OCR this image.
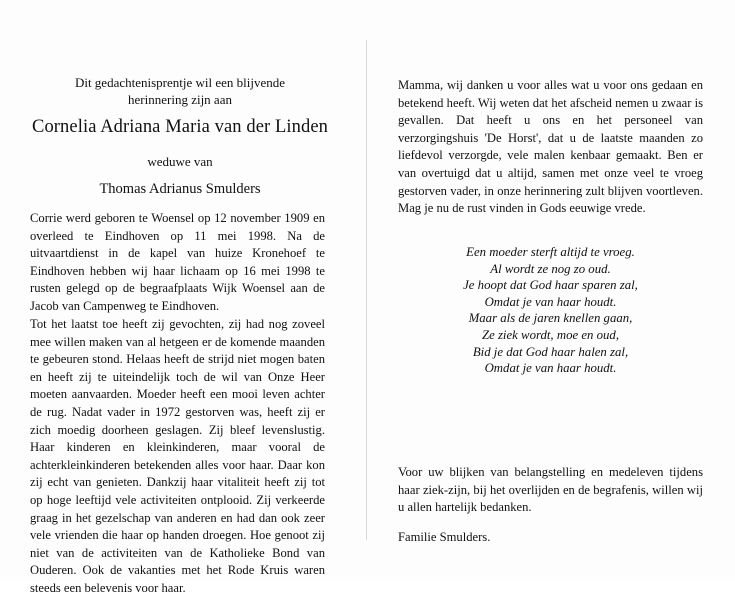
Dit gedachtenisprentje wil een blijvende
herinnering zijn aan
Cornelia Adriana Maria van der Linden
weduwe van
Thomas Adrianus Smulders
Corrie werd geboren te Woensel op 12 november 1909 en overleed te Eindhoven op 11 mei 1998. Na de uitvaartdienst in de kapel van huize Kronehoef te Eindhoven hebben wij haar lichaam op 16 mei 1998 te rusten gelegd op de begraafplaats Wijk Woensel aan de Jacob van Campenweg te Eindhoven.
Tot het laatst toe heeft zij gevochten, zij had nog zoveel mee willen maken van al hetgeen er de komende maanden te gebeuren stond. Helaas heeft de strijd niet mogen baten en heeft zij te uiteindelijk toch de wil van Onze Heer moeten aanvaarden. Moeder heeft een mooi leven achter de rug. Nadat vader in 1972 gestorven was, heeft zij er zich moedig doorheen geslagen. Zij bleef levenslustig. Haar kinderen en kleinkinderen, maar vooral de achterkleinkinderen betekenden alles voor haar. Daar kon zij echt van genieten. Dankzij haar vitaliteit heeft zij tot op hoge leeftijd vele activiteiten ontplooid. Zij verkeerde graag in het gezelschap van anderen en had dan ook zeer vele vrienden die haar op handen droegen. Hoe genoot zij niet van de activiteiten van de Katholieke Bond van Ouderen. Ook de vakanties met het Rode Kruis waren steeds een belevenis voor haar.
Mamma, wij danken u voor alles wat u voor ons gedaan en betekend heeft. Wij weten dat het afscheid nemen u zwaar is gevallen. Dat heeft u ons en het personeel van verzorgingshuis 'De Horst', dat u de laatste maanden zo liefdevol verzorgde, vele malen kenbaar gemaakt. Ben er van overtuigd dat u altijd, samen met onze veel te vroeg gestorven vader, in onze herinnering zult blijven voortleven. Mag je nu de rust vinden in Gods eeuwige vrede.
Een moeder sterft altijd te vroeg.
Al wordt ze nog zo oud.
Je hoopt dat God haar sparen zal,
Omdat je van haar houdt.
Maar als de jaren knellen gaan,
Ze ziek wordt, moe en oud,
Bid je dat God haar halen zal,
Omdat je van haar houdt.
Voor uw blijken van belangstelling en medeleven tijdens haar ziek-zijn, bij het overlijden en de begrafenis, willen wij u allen hartelijk bedanken.
Familie Smulders.
